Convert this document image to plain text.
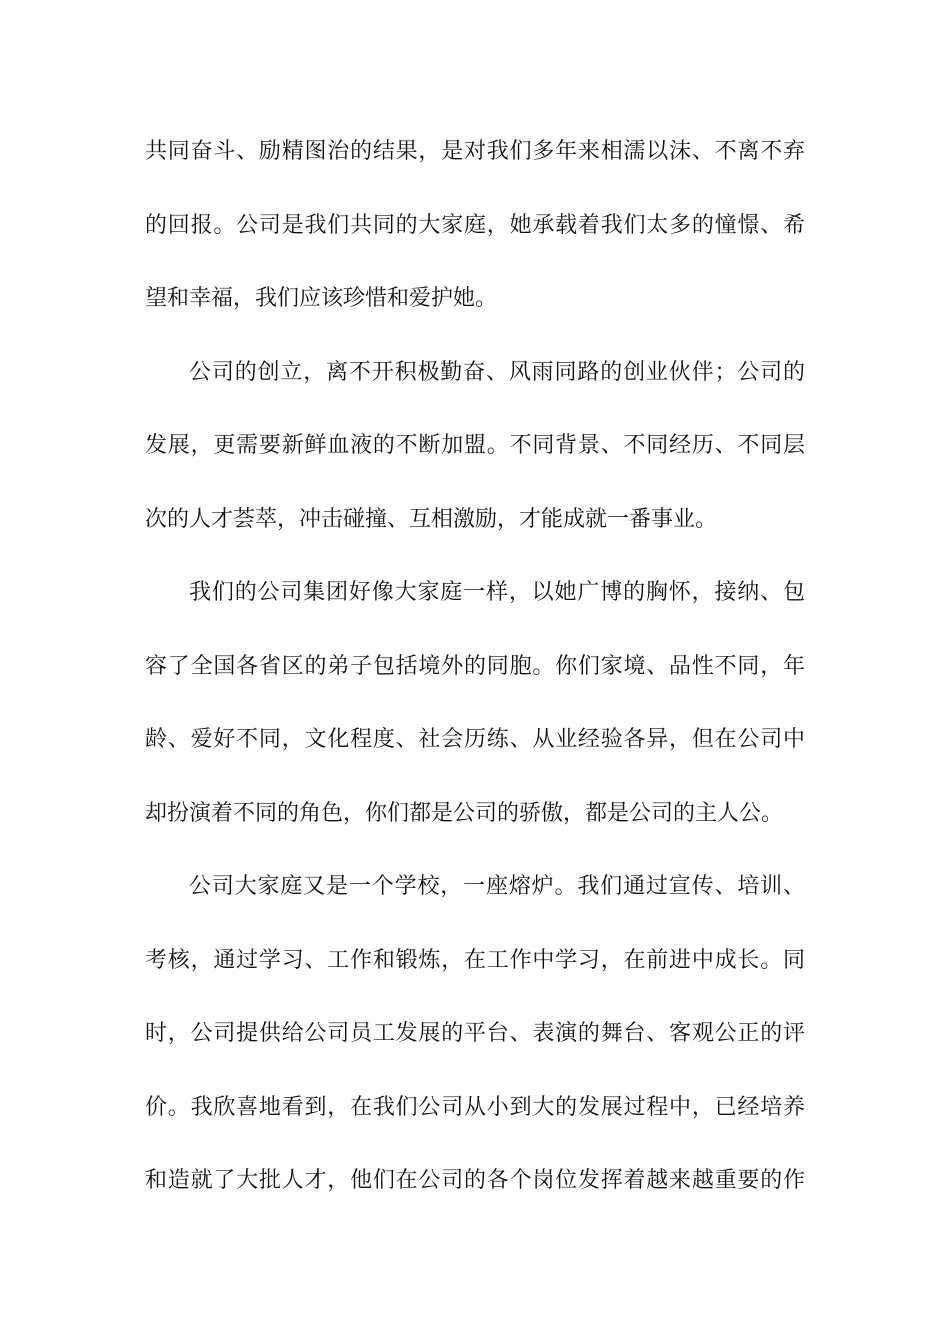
共同奋斗、励精图治的结果，是对我们多年来相濡以沫、不离不弃
的回报。公司是我们共同的大家庭，她承载着我们太多的憧憬、希
望和幸福，我们应该珍惜和爱护她。
公司的创立，离不开积极勤奋、风雨同路的创业伙伴；公司的
发展，更需要新鲜血液的不断加盟。不同背景、不同经历、不同层
次的人才荟萃，冲击碰撞、互相激励，才能成就一番事业。
我们的公司集团好像大家庭一样，以她广博的胸怀，接纳、包
容了全国各省区的弟子包括境外的同胞。你们家境、品性不同，年
龄、爱好不同，文化程度、社会历练、从业经验各异，但在公司中
却扮演着不同的角色，你们都是公司的骄傲，都是公司的主人公。
公司大家庭又是一个学校，一座熔炉。我们通过宣传、培训、
考核，通过学习、工作和锻炼，在工作中学习，在前进中成长。同
时，公司提供给公司员工发展的平台、表演的舞台、客观公正的评
价。我欣喜地看到，在我们公司从小到大的发展过程中，已经培养
和造就了大批人才，他们在公司的各个岗位发挥着越来越重要的作
